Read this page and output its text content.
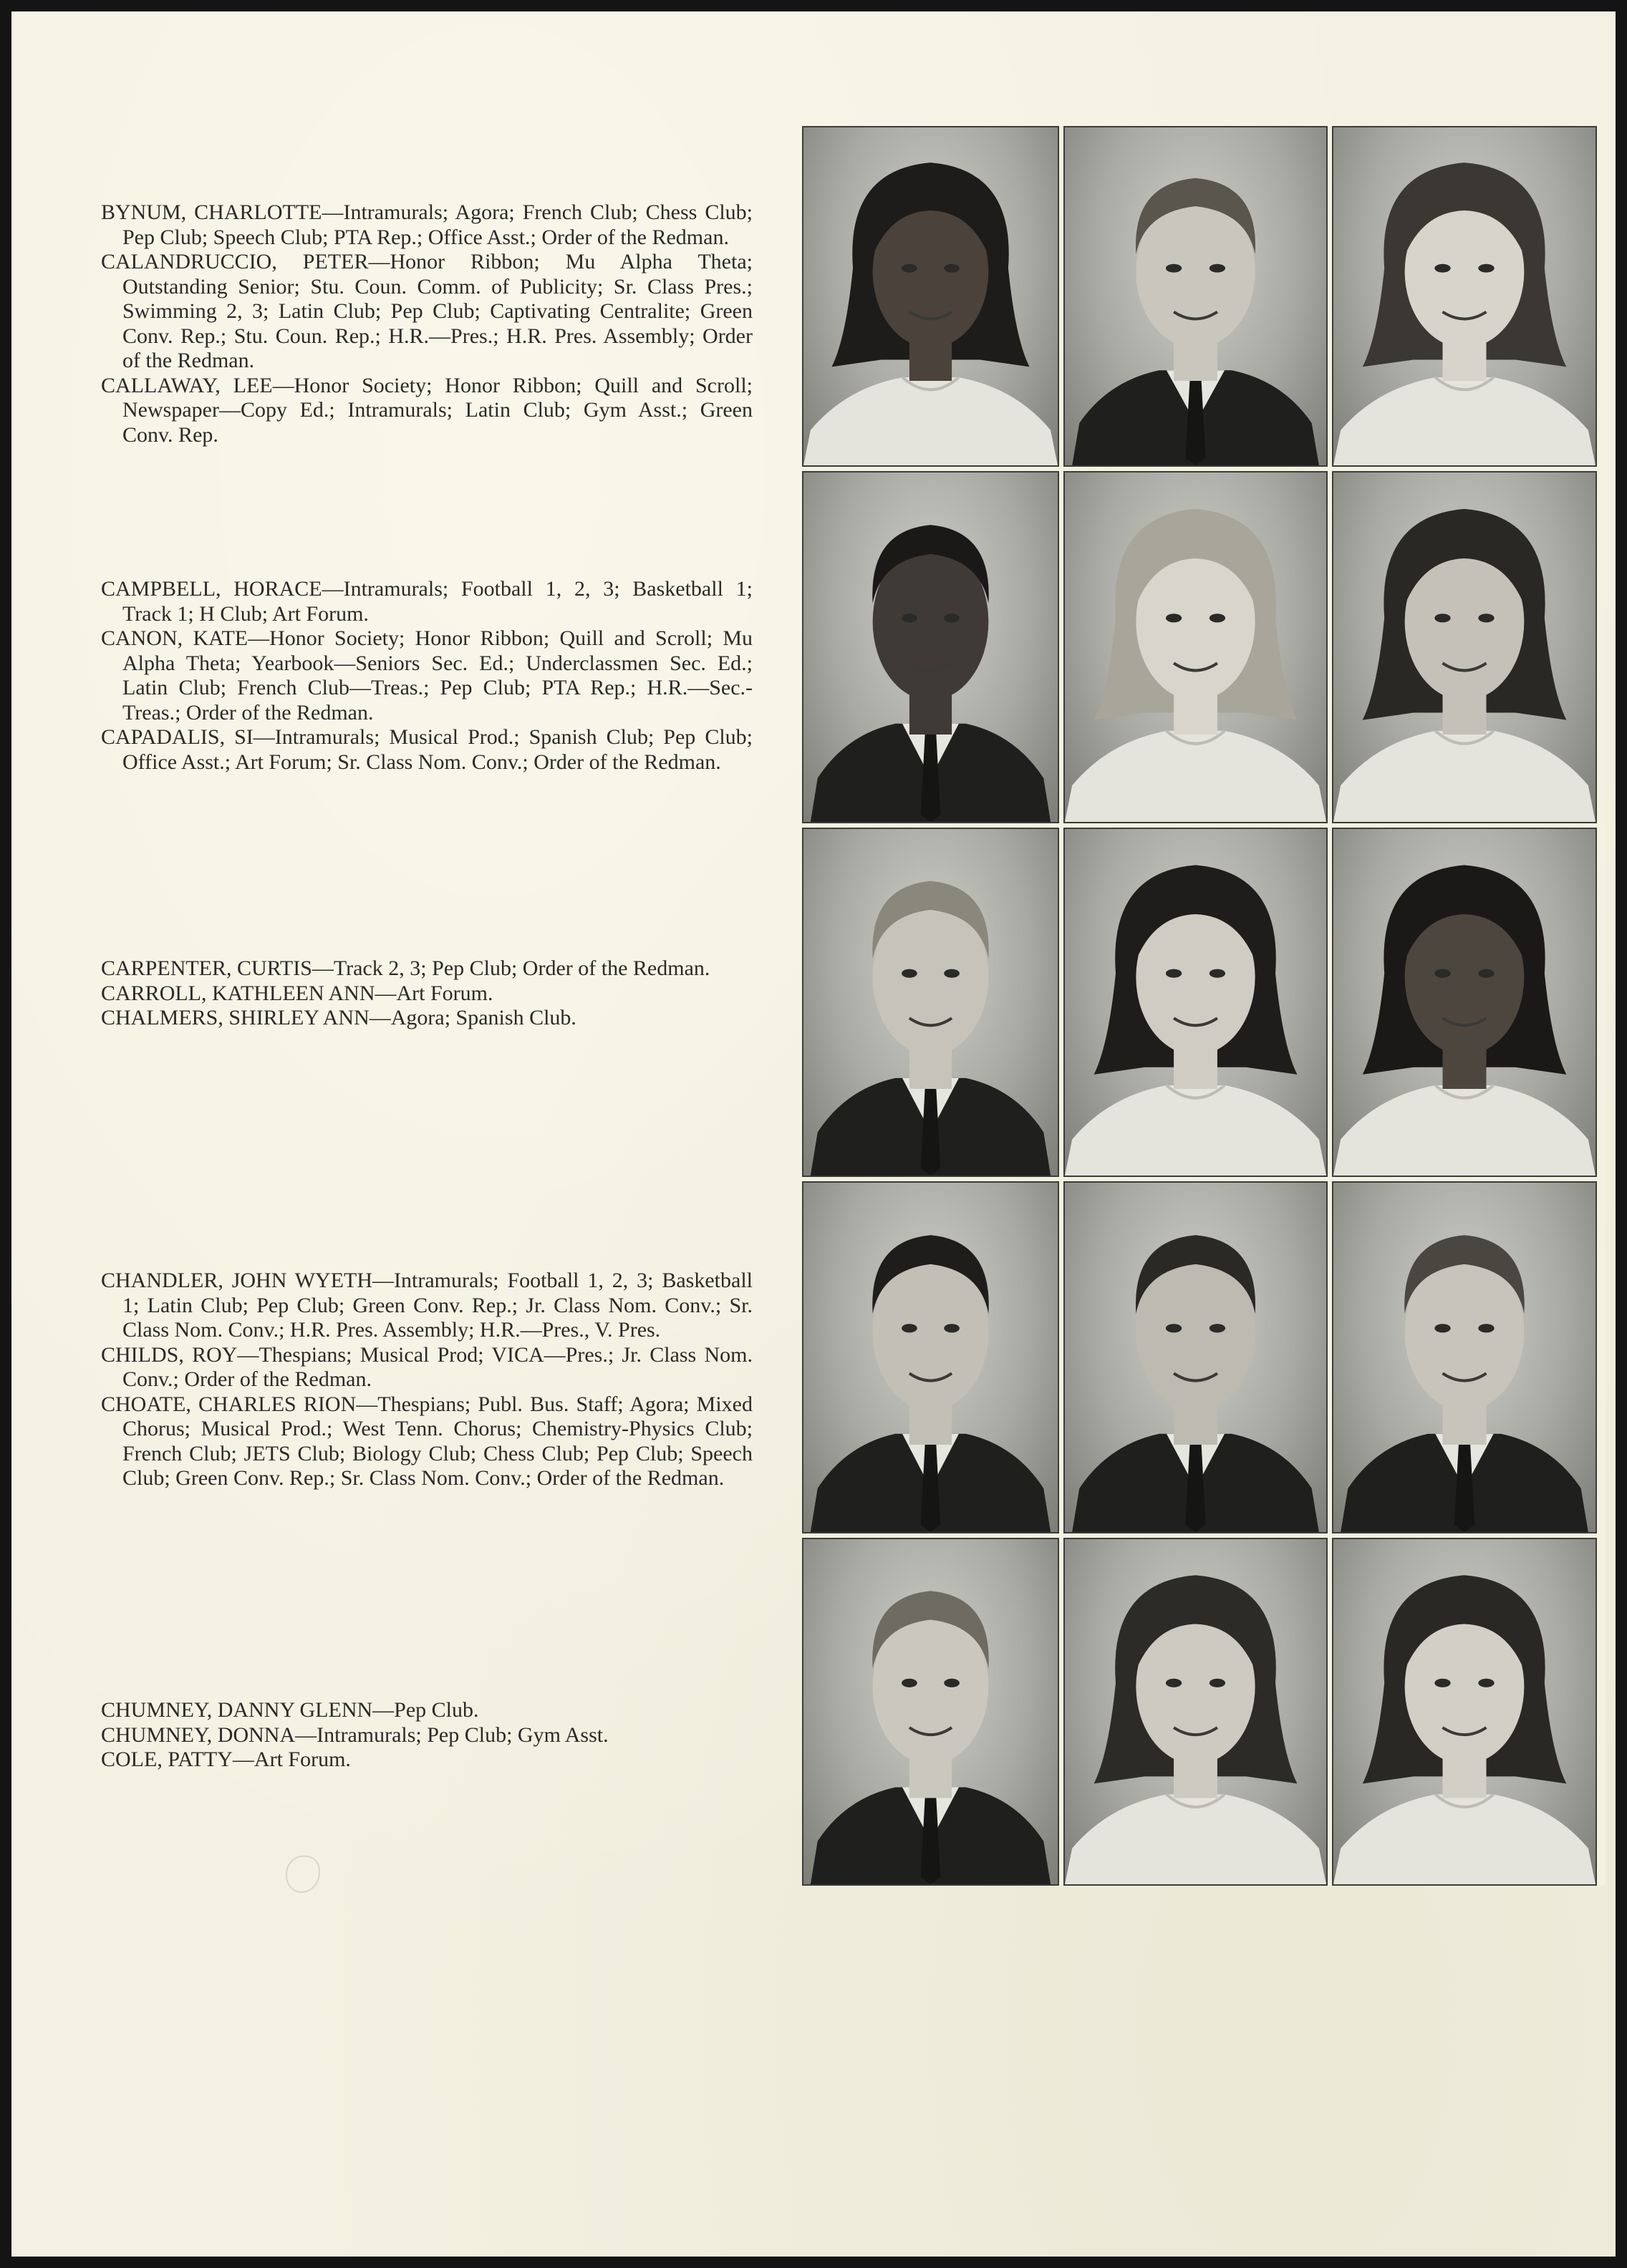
BYNUM, CHARLOTTE—Intramurals; Agora; French Club; Chess Club; Pep Club; Speech Club; PTA Rep.; Office Asst.; Order of the Redman.

CALANDRUCCIO, PETER—Honor Ribbon; Mu Alpha Theta; Outstanding Senior; Stu. Coun. Comm. of Publicity; Sr. Class Pres.; Swimming 2, 3; Latin Club; Pep Club; Captivating Centralite; Green Conv. Rep.; Stu. Coun. Rep.; H.R.—Pres.; H.R. Pres. Assembly; Order of the Redman.

CALLAWAY, LEE—Honor Society; Honor Ribbon; Quill and Scroll; Newspaper—Copy Ed.; Intramurals; Latin Club; Gym Asst.; Green Conv. Rep.

CAMPBELL, HORACE—Intramurals; Football 1, 2, 3; Basketball 1; Track 1; H Club; Art Forum.

CANON, KATE—Honor Society; Honor Ribbon; Quill and Scroll; Mu Alpha Theta; Yearbook—Seniors Sec. Ed.; Underclassmen Sec. Ed.; Latin Club; French Club—Treas.; Pep Club; PTA Rep.; H.R.—Sec.-Treas.; Order of the Redman.

CAPADALIS, SI—Intramurals; Musical Prod.; Spanish Club; Pep Club; Office Asst.; Art Forum; Sr. Class Nom. Conv.; Order of the Redman.

CARPENTER, CURTIS—Track 2, 3; Pep Club; Order of the Redman.

CARROLL, KATHLEEN ANN—Art Forum.

CHALMERS, SHIRLEY ANN—Agora; Spanish Club.

CHANDLER, JOHN WYETH—Intramurals; Football 1, 2, 3; Basketball 1; Latin Club; Pep Club; Green Conv. Rep.; Jr. Class Nom. Conv.; Sr. Class Nom. Conv.; H.R. Pres. Assembly; H.R.—Pres., V. Pres.

CHILDS, ROY—Thespians; Musical Prod; VICA—Pres.; Jr. Class Nom. Conv.; Order of the Redman.

CHOATE, CHARLES RION—Thespians; Publ. Bus. Staff; Agora; Mixed Chorus; Musical Prod.; West Tenn. Chorus; Chemistry-Physics Club; French Club; JETS Club; Biology Club; Chess Club; Pep Club; Speech Club; Green Conv. Rep.; Sr. Class Nom. Conv.; Order of the Redman.

CHUMNEY, DANNY GLENN—Pep Club.

CHUMNEY, DONNA—Intramurals; Pep Club; Gym Asst.

COLE, PATTY—Art Forum.
